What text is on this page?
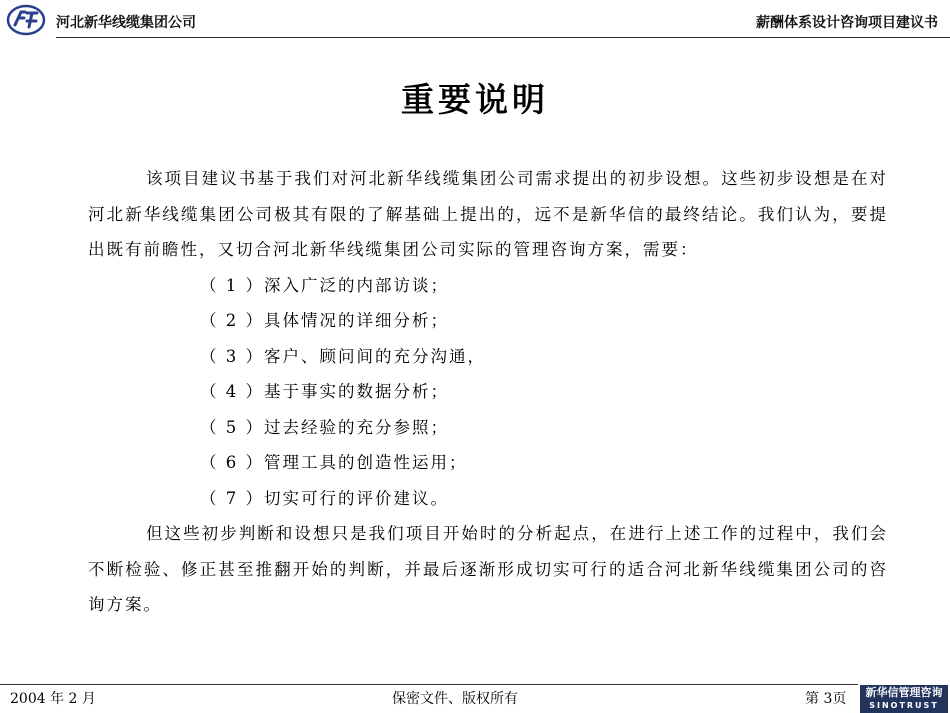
河北新华线缆集团公司	薪酬体系设计咨询项目建议书
重要说明

该项目建议书基于我们对河北新华线缆集团公司需求提出的初步设想。这些初步设想是在对河北新华线缆集团公司极其有限的了解基础上提出的，远不是新华信的最终结论。我们认为，要提出既有前瞻性，又切合河北新华线缆集团公司实际的管理咨询方案，需要：

（ 1 ）深入广泛的内部访谈；
（ 2 ）具体情况的详细分析；
（ 3 ）客户、顾问间的充分沟通，
（ 4 ）基于事实的数据分析；
（ 5 ）过去经验的充分参照；
（ 6 ）管理工具的创造性运用；
（ 7 ）切实可行的评价建议。

但这些初步判断和设想只是我们项目开始时的分析起点，在进行上述工作的过程中，我们会不断检验、修正甚至推翻开始的判断，并最后逐渐形成切实可行的适合河北新华线缆集团公司的咨询方案。

2004 年 2 月	保密文件、版权所有	第 3页	新华信管理咨询
SINOTRUST
